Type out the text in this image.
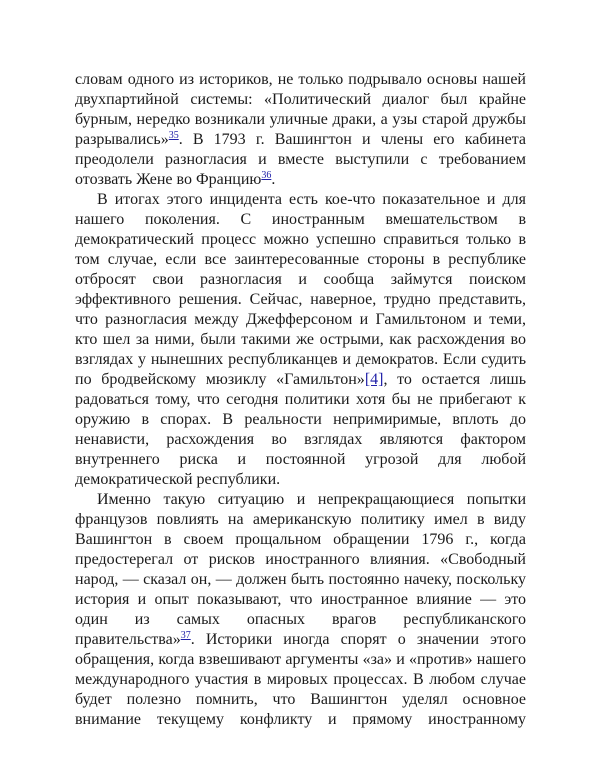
словам одного из историков, не только подрывало основы нашей
двухпартийной системы: «Политический диалог был крайне
бурным, нередко возникали уличные драки, а узы старой дружбы
разрывались»$^{35}$. В 1793 г. Вашингтон и члены его кабинета
преодолели разногласия и вместе выступили с требованием
отозвать Жене во Францию$^{36}$.
В итогах этого инцидента есть кое-что показательное и для
нашего поколения. С иностранным вмешательством в
демократический процесс можно успешно справиться только в
том случае, если все заинтересованные стороны в республике
отбросят свои разногласия и сообща займутся поиском
эффективного решения. Сейчас, наверное, трудно представить,
что разногласия между Джефферсоном и Гамильтоном и теми,
кто шел за ними, были такими же острыми, как расхождения во
взглядах у нынешних республиканцев и демократов. Если судить
по бродвейскому мюзиклу «Гамильтон»[4], то остается лишь
радоваться тому, что сегодня политики хотя бы не прибегают к
оружию в спорах. В реальности непримиримые, вплоть до
ненависти, расхождения во взглядах являются фактором
внутреннего риска и постоянной угрозой для любой
демократической республики.
Именно такую ситуацию и непрекращающиеся попытки
французов повлиять на американскую политику имел в виду
Вашингтон в своем прощальном обращении 1796 г., когда
предостерегал от рисков иностранного влияния. «Свободный
народ, — сказал он, — должен быть постоянно начеку, поскольку
история и опыт показывают, что иностранное влияние — это
один из самых опасных врагов республиканского
правительства»$^{37}$. Историки иногда спорят о значении этого
обращения, когда взвешивают аргументы «за» и «против» нашего
международного участия в мировых процессах. В любом случае
будет полезно помнить, что Вашингтон уделял основное
внимание текущему конфликту и прямому иностранному
